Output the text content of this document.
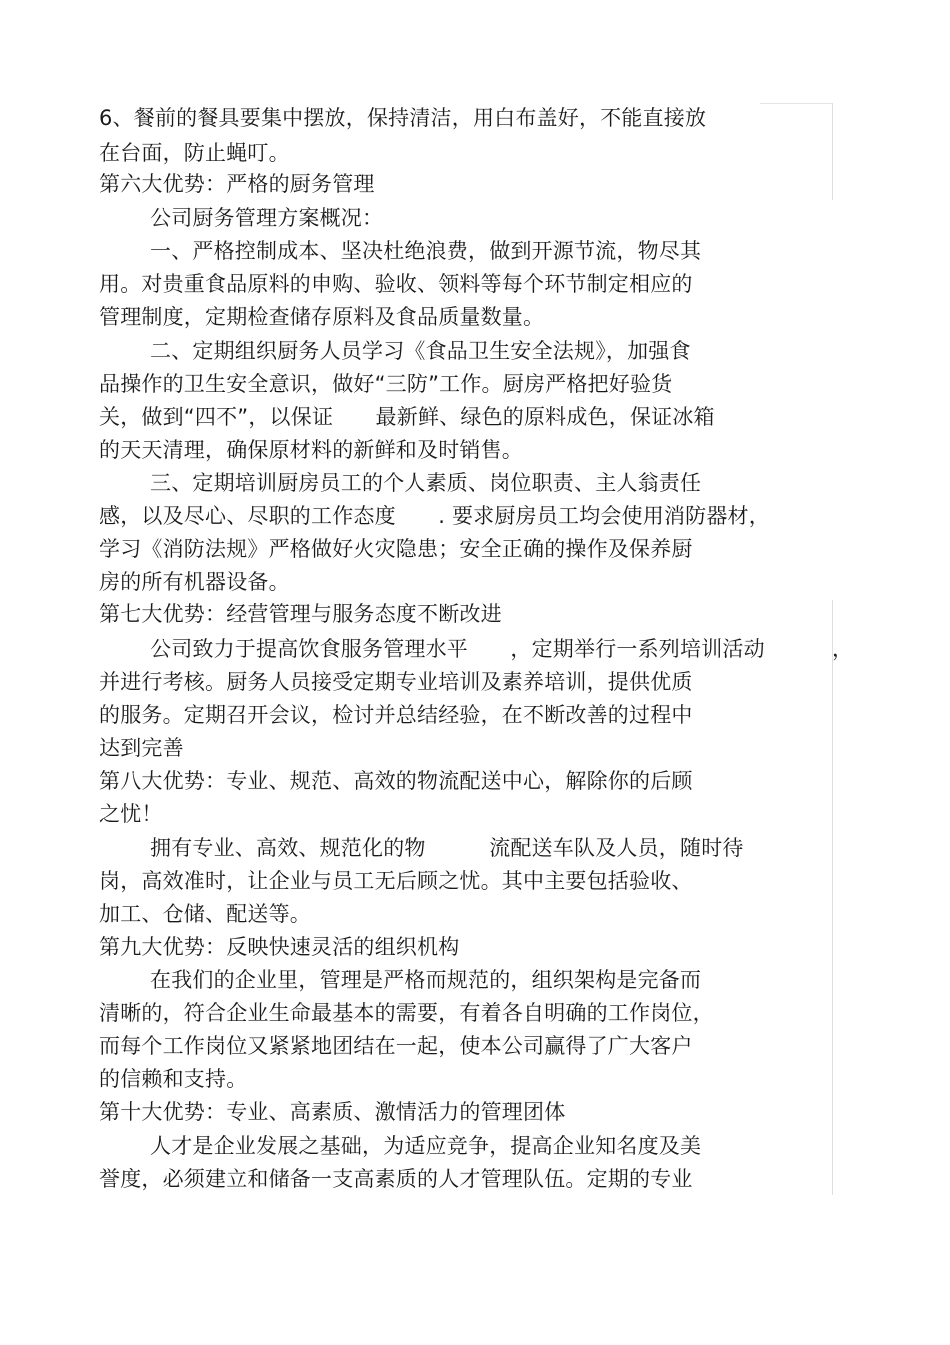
6、餐前的餐具要集中摆放，保持清洁，用白布盖好，不能直接放
在台面，防止蝇叮。
第六大优势：严格的厨务管理
公司厨务管理方案概况：
一、严格控制成本、坚决杜绝浪费，做到开源节流，物尽其
用。对贵重食品原料的申购、验收、领料等每个环节制定相应的
管理制度，定期检查储存原料及食品质量数量。
二、定期组织厨务人员学习《食品卫生安全法规》，加强食
品操作的卫生安全意识，做好“三防”工作。厨房严格把好验货
关，做到“四不”，以保证　　最新鲜、绿色的原料成色，保证冰箱
的天天清理，确保原材料的新鲜和及时销售。
三、定期培训厨房员工的个人素质、岗位职责、主人翁责任
感，以及尽心、尽职的工作态度　　. 要求厨房员工均会使用消防器材，
学习《消防法规》严格做好火灾隐患；安全正确的操作及保养厨
房的所有机器设备。
第七大优势：经营管理与服务态度不断改进
公司致力于提高饮食服务管理水平　　，定期举行一系列培训活动	，
并进行考核。厨务人员接受定期专业培训及素养培训，提供优质
的服务。定期召开会议，检讨并总结经验，在不断改善的过程中
达到完善
第八大优势：专业、规范、高效的物流配送中心，解除你的后顾
之忧！
拥有专业、高效、规范化的物　　　流配送车队及人员，随时待
岗，高效准时，让企业与员工无后顾之忧。其中主要包括验收、
加工、仓储、配送等。
第九大优势：反映快速灵活的组织机构
在我们的企业里，管理是严格而规范的，组织架构是完备而
清晰的，符合企业生命最基本的需要，有着各自明确的工作岗位，
而每个工作岗位又紧紧地团结在一起，使本公司赢得了广大客户
的信赖和支持。
第十大优势：专业、高素质、激情活力的管理团体
人才是企业发展之基础，为适应竞争，提高企业知名度及美
誉度，必须建立和储备一支高素质的人才管理队伍。定期的专业
